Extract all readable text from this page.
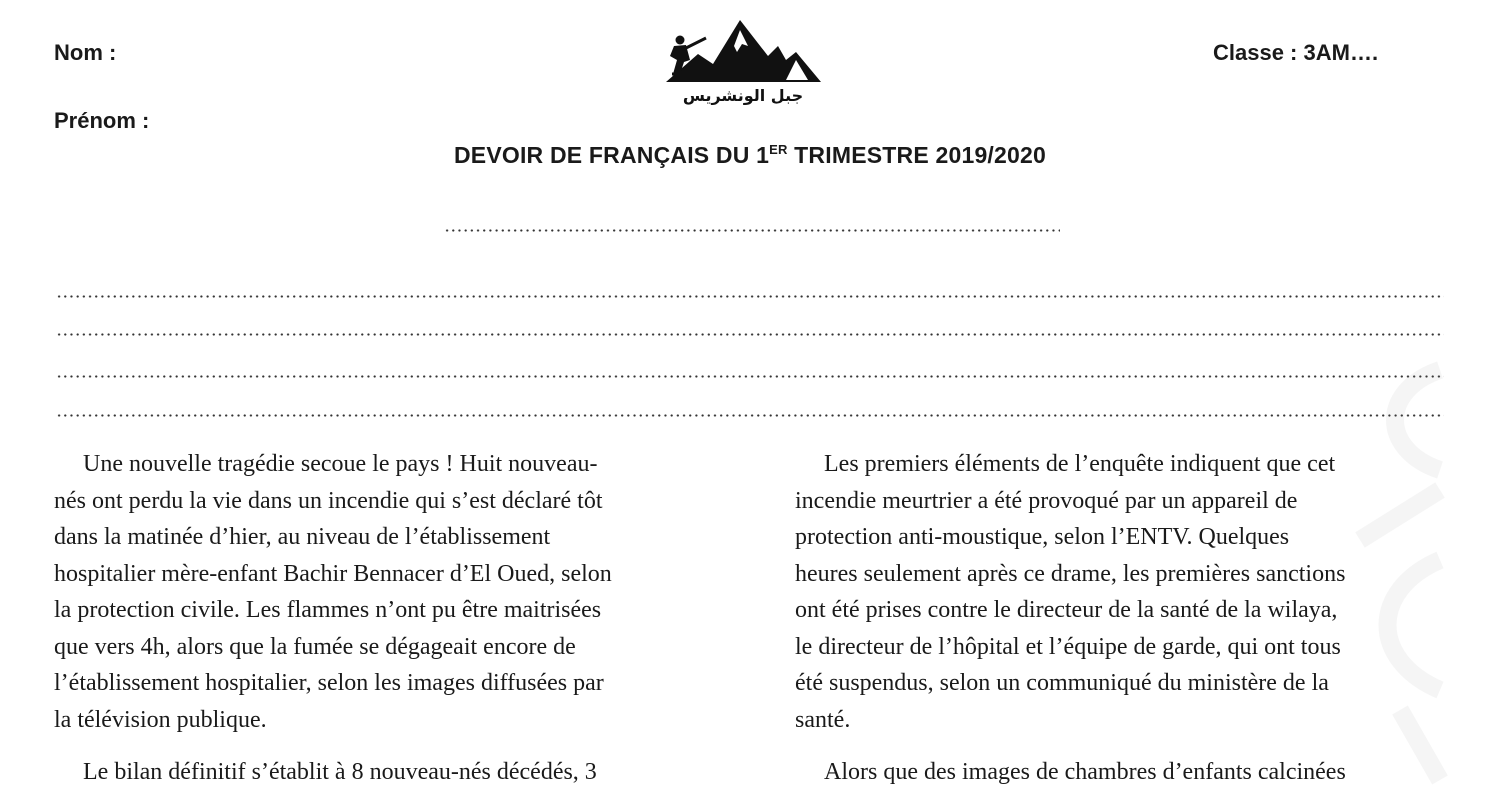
Nom :
Prénom :
Classe : 3AM….
جبل الونشريس
DEVOIR DE FRANÇAIS DU 1ER TRIMESTRE 2019/2020

Une nouvelle tragédie secoue le pays ! Huit nouveau-
nés ont perdu la vie dans un incendie qui s’est déclaré tôt
dans la matinée d’hier, au niveau de l’établissement
hospitalier mère-enfant Bachir Bennacer d’El Oued, selon
la protection civile. Les flammes n’ont pu être maitrisées
que vers 4h, alors que la fumée se dégageait encore de
l’établissement hospitalier, selon les images diffusées par
la télévision publique.

Le bilan définitif s’établit à 8 nouveau-nés décédés, 3

Les premiers éléments de l’enquête indiquent que cet
incendie meurtrier a été provoqué par un appareil de
protection anti-moustique, selon l’ENTV. Quelques
heures seulement après ce drame, les premières sanctions
ont été prises contre le directeur de la santé de la wilaya,
le directeur de l’hôpital et l’équipe de garde, qui ont tous
été suspendus, selon un communiqué du ministère de la
santé.

Alors que des images de chambres d’enfants calcinées
